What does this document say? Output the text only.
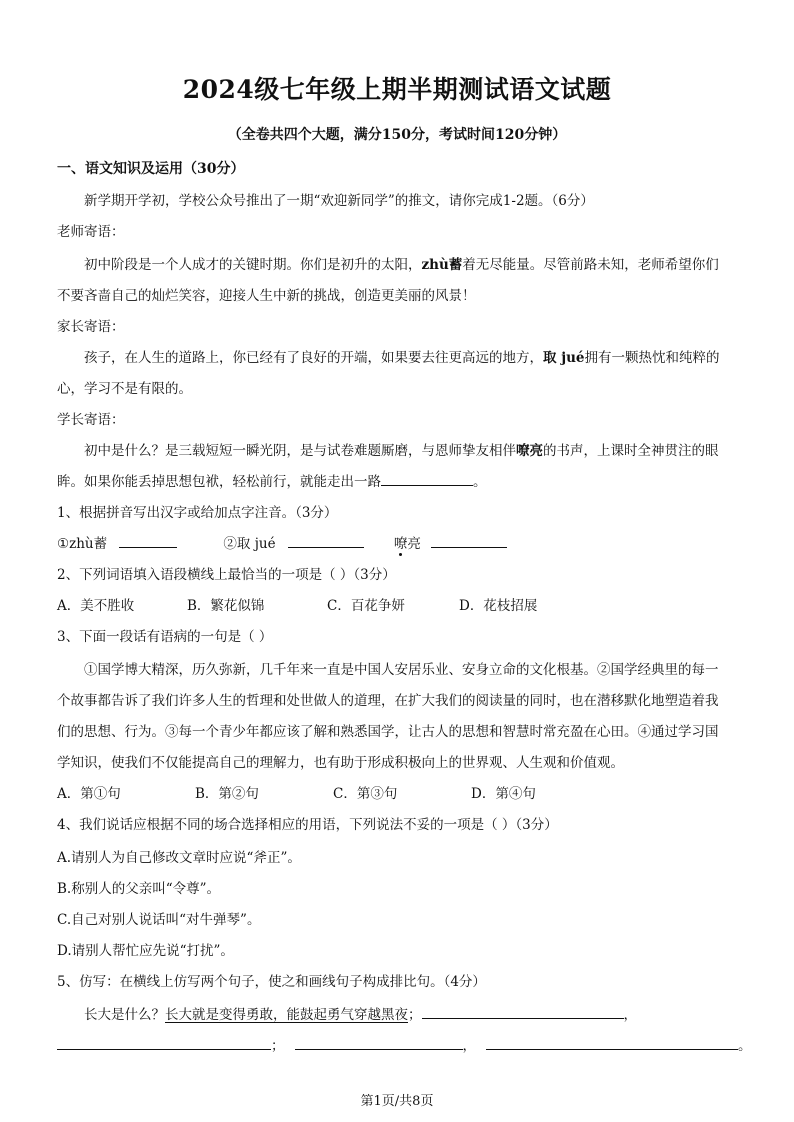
2024级七年级上期半期测试语文试题
（全卷共四个大题，满分150分，考试时间120分钟）
一、语文知识及运用（30分）
新学期开学初，学校公众号推出了一期“欢迎新同学”的推文，请你完成1-2题。（6分）
老师寄语：
初中阶段是一个人成才的关键时期。你们是初升的太阳，zhù蓄着无尽能量。尽管前路未知，老师希望你们
不要吝啬自己的灿烂笑容，迎接人生中新的挑战，创造更美丽的风景！
家长寄语：
孩子，在人生的道路上，你已经有了良好的开端，如果要去往更高远的地方，取 jué拥有一颗热忱和纯粹的
心，学习不是有限的。
学长寄语：
初中是什么？是三载短短一瞬光阴，是与试卷难题厮磨，与恩师挚友相伴嘹亮的书声，上课时全神贯注的眼
眸。如果你能丢掉思想包袱，轻松前行，就能走出一路	。
1、根据拼音写出汉字或给加点字注音。（3分）
①zhù蓄	②取 jué	嘹亮
2、下列词语填入语段横线上最恰当的一项是（ ）（3分）
A．美不胜收	B．繁花似锦	C．百花争妍	D．花枝招展
3、下面一段话有语病的一句是（ ）
①国学博大精深，历久弥新，几千年来一直是中国人安居乐业、安身立命的文化根基。②国学经典里的每一
个故事都告诉了我们许多人生的哲理和处世做人的道理，在扩大我们的阅读量的同时，也在潜移默化地塑造着我
们的思想、行为。③每一个青少年都应该了解和熟悉国学，让古人的思想和智慧时常充盈在心田。④通过学习国
学知识，使我们不仅能提高自己的理解力，也有助于形成积极向上的世界观、人生观和价值观。
A．第①句	B．第②句	C．第③句	D．第④句
4、我们说话应根据不同的场合选择相应的用语，下列说法不妥的一项是（ ）（3分）
A.请别人为自己修改文章时应说“斧正”。
B.称别人的父亲叫“令尊”。
C.自己对别人说话叫“对牛弹琴”。
D.请别人帮忙应先说“打扰”。
5、仿写：在横线上仿写两个句子，使之和画线句子构成排比句。（4分）
长大是什么？长大就是变得勇敢，能鼓起勇气穿越黑夜；	，
；	，	。
第1页/共8页
